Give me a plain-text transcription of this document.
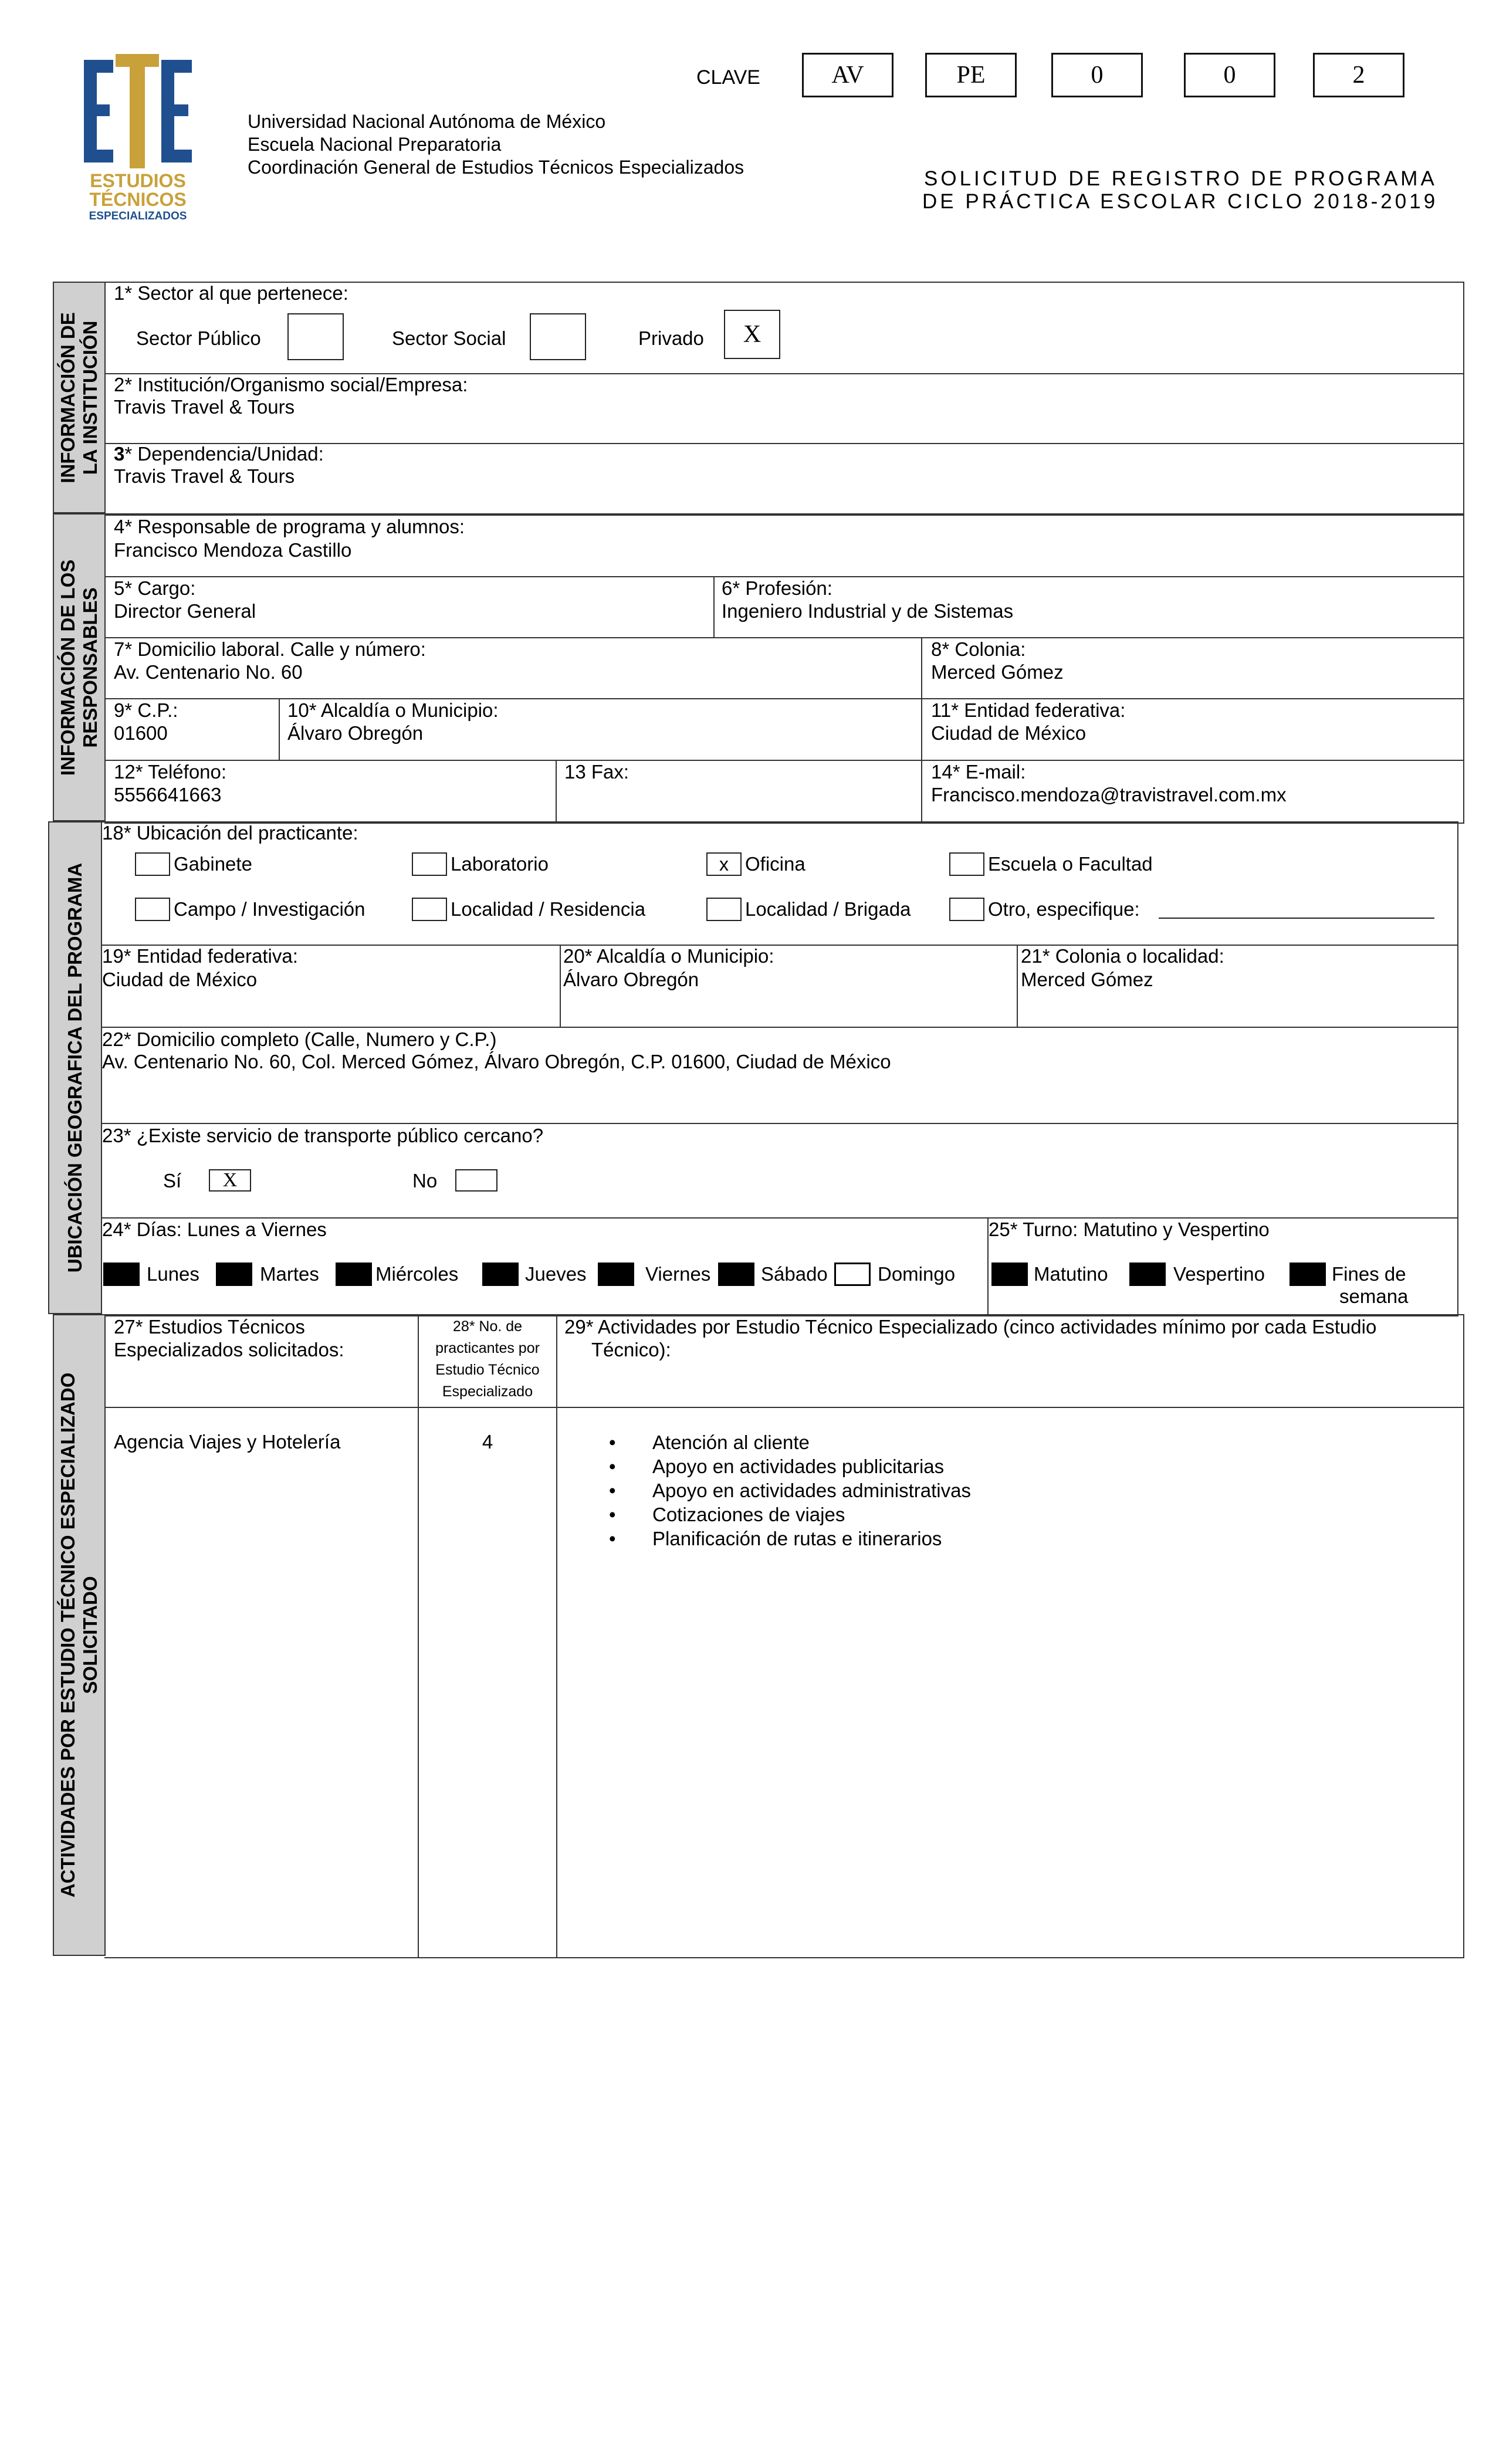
ESTUDIOS
TÉCNICOS
ESPECIALIZADOS
Universidad Nacional Autónoma de México
Escuela Nacional Preparatoria
Coordinación General de Estudios Técnicos Especializados
CLAVE	AV	PE	0	0	2
SOLICITUD DE REGISTRO DE PROGRAMA
DE PRÁCTICA ESCOLAR CICLO 2018-2019
INFORMACIÓN DE LA INSTITUCIÓN
1* Sector al que pertenece:
Sector Público	Sector Social	Privado	X
2* Institución/Organismo social/Empresa:
Travis Travel & Tours
3* Dependencia/Unidad:
Travis Travel & Tours
INFORMACIÓN DE LOS RESPONSABLES
4* Responsable de programa y alumnos:
Francisco Mendoza Castillo
5* Cargo:
Director General
6* Profesión:
Ingeniero Industrial y de Sistemas
7* Domicilio laboral. Calle y número:
Av. Centenario No. 60
8* Colonia:
Merced Gómez
9* C.P.:
01600
10* Alcaldía o Municipio:
Álvaro Obregón
11* Entidad federativa:
Ciudad de México
12* Teléfono:
5556641663
13 Fax:	14* E-mail:
Francisco.mendoza@travistravel.com.mx
UBICACIÓN GEOGRAFICA DEL PROGRAMA
18* Ubicación del practicante:
Gabinete	Laboratorio	x Oficina	Escuela o Facultad
Campo / Investigación	Localidad / Residencia	Localidad / Brigada	Otro, especifique:
19* Entidad federativa:
Ciudad de México
20* Alcaldía o Municipio:
Álvaro Obregón
21* Colonia o localidad:
Merced Gómez
22* Domicilio completo (Calle, Numero y C.P.)
Av. Centenario No. 60, Col. Merced Gómez, Álvaro Obregón, C.P. 01600, Ciudad de México
23* ¿Existe servicio de transporte público cercano?
Sí	X	No
24* Días: Lunes a Viernes
Lunes	Martes	Miércoles	Jueves	Viernes	Sábado	Domingo
25* Turno: Matutino y Vespertino
Matutino	Vespertino	Fines de
semana
ACTIVIDADES POR ESTUDIO TÉCNICO ESPECIALIZADO SOLICITADO
27* Estudios Técnicos
Especializados solicitados:
28* No. de
practicantes por
Estudio Técnico
Especializado
29* Actividades por Estudio Técnico Especializado (cinco actividades mínimo por cada Estudio
Técnico):
Agencia Viajes y Hotelería	4
•	Atención al cliente
• Apoyo en actividades publicitarias
• Apoyo en actividades administrativas
• Cotizaciones de viajes
• Planificación de rutas e itinerarios
